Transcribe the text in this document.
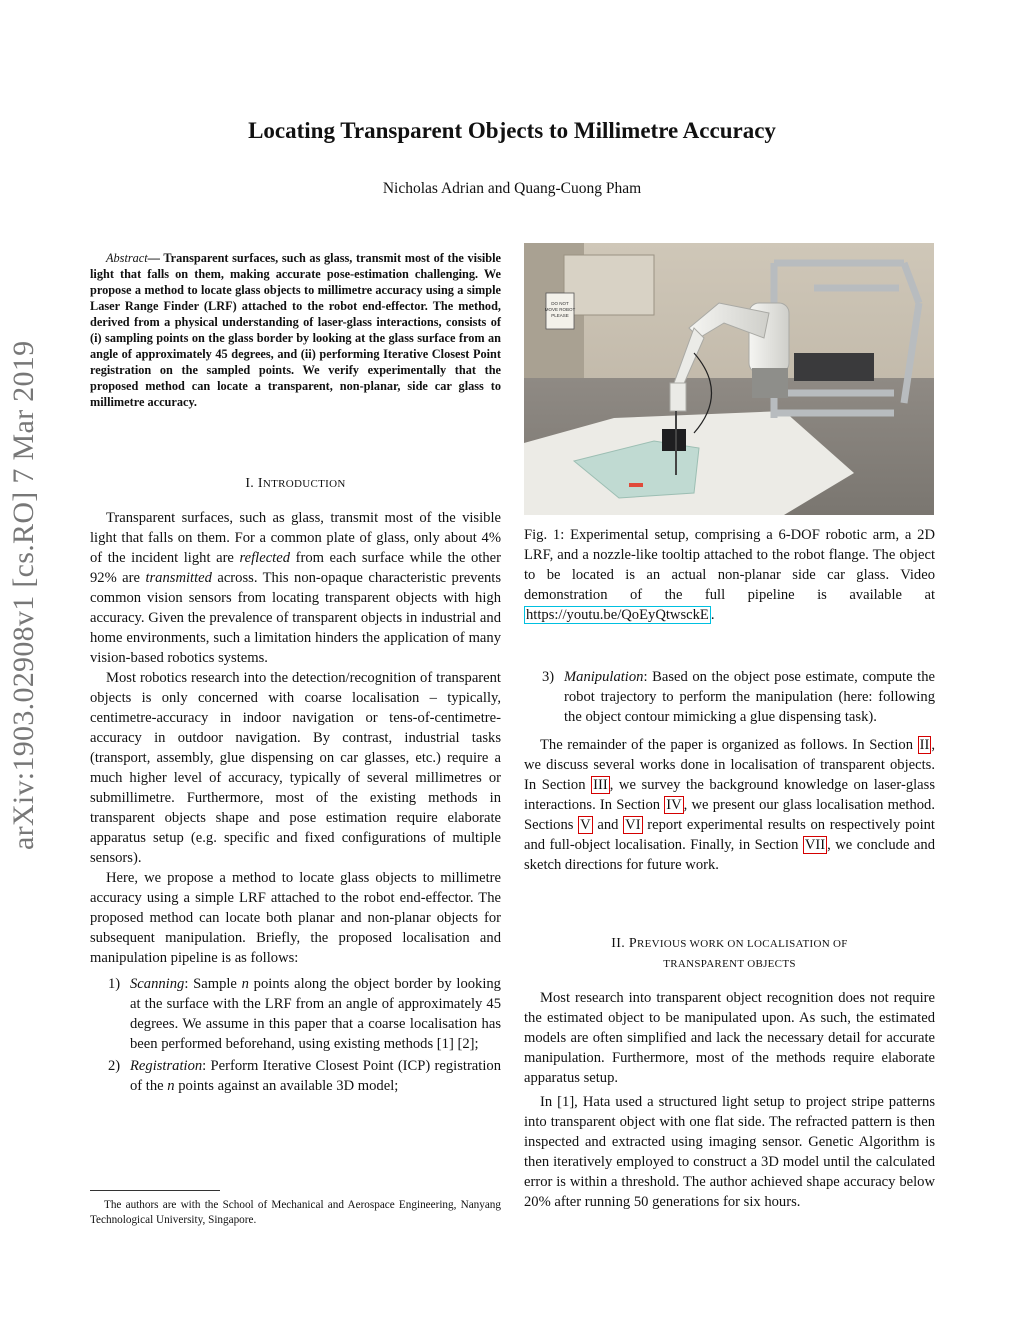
Locating Transparent Objects to Millimetre Accuracy
Nicholas Adrian and Quang-Cuong Pham
arXiv:1903.02908v1 [cs.RO] 7 Mar 2019
Abstract— Transparent surfaces, such as glass, transmit most of the visible light that falls on them, making accurate pose-estimation challenging. We propose a method to locate glass objects to millimetre accuracy using a simple Laser Range Finder (LRF) attached to the robot end-effector. The method, derived from a physical understanding of laser-glass interactions, consists of (i) sampling points on the glass border by looking at the glass surface from an angle of approximately 45 degrees, and (ii) performing Iterative Closest Point registration on the sampled points. We verify experimentally that the proposed method can locate a transparent, non-planar, side car glass to millimetre accuracy.
I. INTRODUCTION

Transparent surfaces, such as glass, transmit most of the visible light that falls on them. For a common plate of glass, only about 4% of the incident light are reflected from each surface while the other 92% are transmitted across. This non-opaque characteristic prevents common vision sensors from locating transparent objects with high accuracy. Given the prevalence of transparent objects in industrial and home environments, such a limitation hinders the application of many vision-based robotics systems.

Most robotics research into the detection/recognition of transparent objects is only concerned with coarse localisation – typically, centimetre-accuracy in indoor navigation or tens-of-centimetre-accuracy in outdoor navigation. By contrast, industrial tasks (transport, assembly, glue dispensing on car glasses, etc.) require a much higher level of accuracy, typically of several millimetres or submillimetre. Furthermore, most of the existing methods in transparent objects shape and pose estimation require elaborate apparatus setup (e.g. specific and fixed configurations of multiple sensors).

Here, we propose a method to locate glass objects to millimetre accuracy using a simple LRF attached to the robot end-effector. The proposed method can locate both planar and non-planar objects for subsequent manipulation. Briefly, the proposed localisation and manipulation pipeline is as follows:

1) Scanning: Sample n points along the object border by looking at the surface with the LRF from an angle of approximately 45 degrees. We assume in this paper that a coarse localisation has been performed beforehand, using existing methods [1] [2];
2) Registration: Perform Iterative Closest Point (ICP) registration of the n points against an available 3D model;
The authors are with the School of Mechanical and Aerospace Engineering, Nanyang Technological University, Singapore.
DO NOT MOVE ROBOT PLEASE
Fig. 1: Experimental setup, comprising a 6-DOF robotic arm, a 2D LRF, and a nozzle-like tooltip attached to the robot flange. The object to be located is an actual non-planar side car glass. Video demonstration of the full pipeline is available at https://youtu.be/QoEyQtwsckE .
3) Manipulation: Based on the object pose estimate, compute the robot trajectory to perform the manipulation (here: following the object contour mimicking a glue dispensing task).

The remainder of the paper is organized as follows. In Section II , we discuss several works done in localisation of transparent objects. In Section III , we survey the background knowledge on laser-glass interactions. In Section IV , we present our glass localisation method. Sections V and VI report experimental results on respectively point and full-object localisation. Finally, in Section VII , we conclude and sketch directions for future work.

II. PREVIOUS WORK ON LOCALISATION OF
TRANSPARENT OBJECTS

Most research into transparent object recognition does not require the estimated object to be manipulated upon. As such, the estimated models are often simplified and lack the necessary detail for accurate manipulation. Furthermore, most of the methods require elaborate apparatus setup.

In [1], Hata used a structured light setup to project stripe patterns into transparent object with one flat side. The refracted pattern is then inspected and extracted using imaging sensor. Genetic Algorithm is then iteratively employed to construct a 3D model until the calculated error is within a threshold. The author achieved shape accuracy below 20% after running 50 generations for six hours.
